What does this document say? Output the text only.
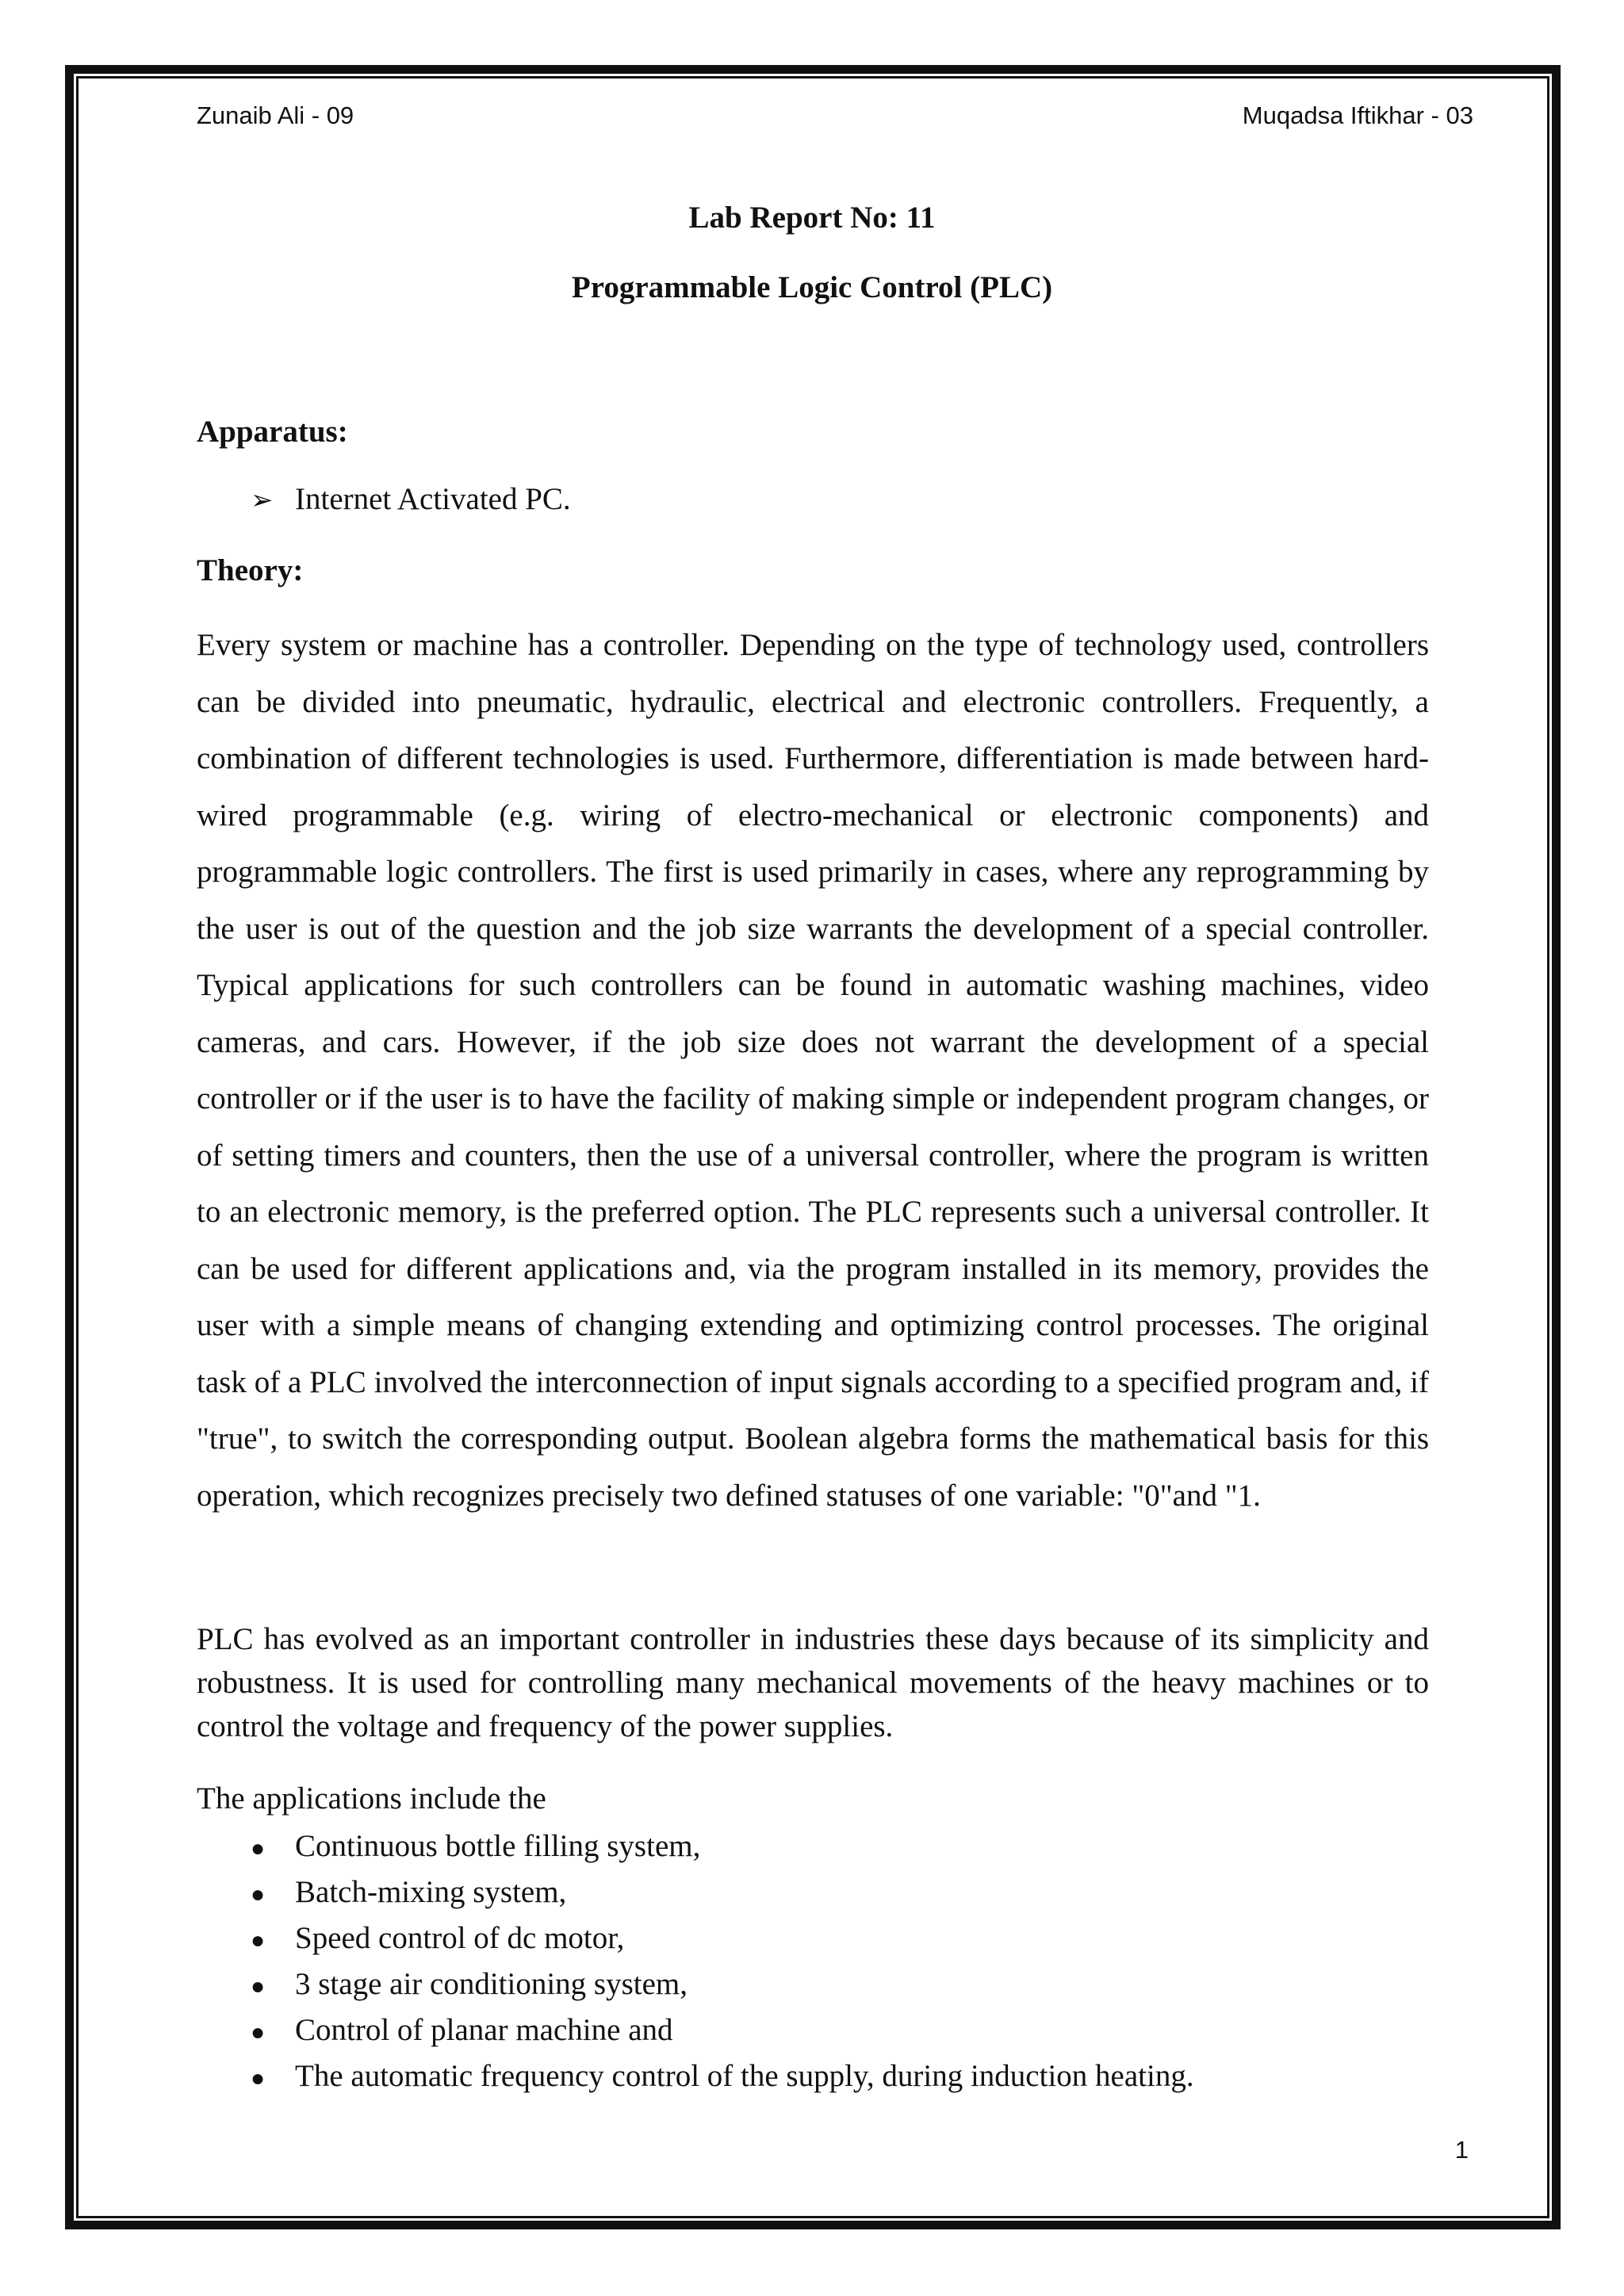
Zunaib Ali - 09	Muqadsa Iftikhar - 03
Lab Report No: 11
Programmable Logic Control (PLC)
Apparatus:
➢ Internet Activated PC.
Theory:

Every system or machine has a controller. Depending on the type of technology used, controllers can be divided into pneumatic, hydraulic, electrical and electronic controllers. Frequently, a combination of different technologies is used. Furthermore, differentiation is made between hard-wired programmable (e.g. wiring of electro-mechanical or electronic components) and programmable logic controllers. The first is used primarily in cases, where any reprogramming by the user is out of the question and the job size warrants the development of a special controller. Typical applications for such controllers can be found in automatic washing machines, video cameras, and cars. However, if the job size does not warrant the development of a special controller or if the user is to have the facility of making simple or independent program changes, or of setting timers and counters, then the use of a universal controller, where the program is written to an electronic memory, is the preferred option. The PLC represents such a universal controller. It can be used for different applications and, via the program installed in its memory, provides the user with a simple means of changing extending and optimizing control processes. The original task of a PLC involved the interconnection of input signals according to a specified program and, if "true", to switch the corresponding output. Boolean algebra forms the mathematical basis for this operation, which recognizes precisely two defined statuses of one variable: "0"and "1.

PLC has evolved as an important controller in industries these days because of its simplicity and robustness. It is used for controlling many mechanical movements of the heavy machines or to control the voltage and frequency of the power supplies.

The applications include the
● Continuous bottle filling system,
● Batch-mixing system,
● Speed control of dc motor,
● 3 stage air conditioning system,
● Control of planar machine and
● The automatic frequency control of the supply, during induction heating.
1
